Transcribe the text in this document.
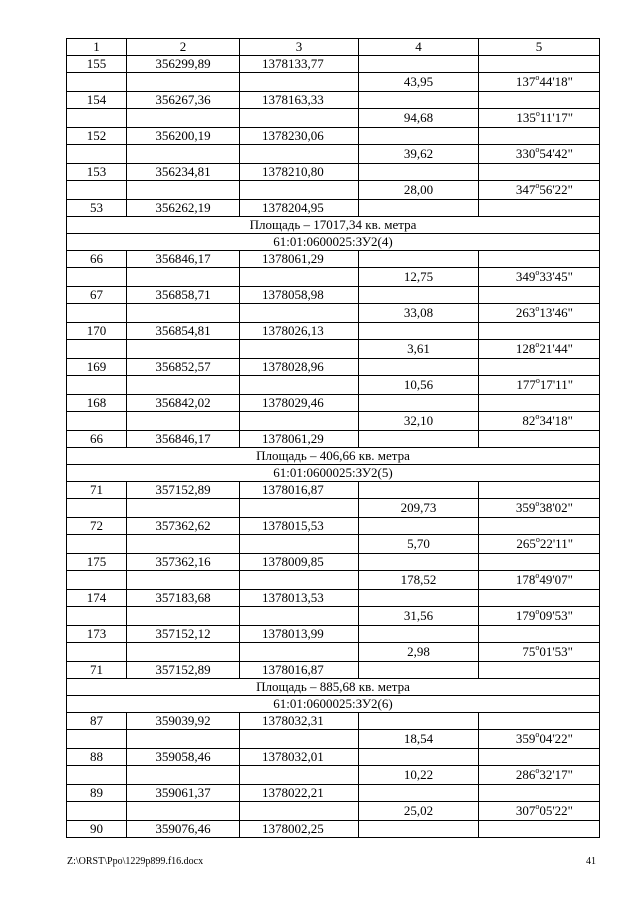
1	2	3	4	5
155	356299,89	1378133,77		
			43,95	137$^o$44'18"
154	356267,36	1378163,33		
			94,68	135$^o$11'17"
152	356200,19	1378230,06		
			39,62	330$^o$54'42"
153	356234,81	1378210,80		
			28,00	347$^o$56'22"
53	356262,19	1378204,95		
Площадь – 17017,34 кв. метра				
61:01:0600025:ЗУ2(4)				
66	356846,17	1378061,29		
			12,75	349$^o$33'45"
67	356858,71	1378058,98		
			33,08	263$^o$13'46"
170	356854,81	1378026,13		
			3,61	128$^o$21'44"
169	356852,57	1378028,96		
			10,56	177$^o$17'11"
168	356842,02	1378029,46		
			32,10	82$^o$34'18"
66	356846,17	1378061,29		
Площадь – 406,66 кв. метра				
61:01:0600025:ЗУ2(5)				
71	357152,89	1378016,87		
			209,73	359$^o$38'02"
72	357362,62	1378015,53		
			5,70	265$^o$22'11"
175	357362,16	1378009,85		
			178,52	178$^o$49'07"
174	357183,68	1378013,53		
			31,56	179$^o$09'53"
173	357152,12	1378013,99		
			2,98	75$^o$01'53"
71	357152,89	1378016,87		
Площадь – 885,68 кв. метра				
61:01:0600025:ЗУ2(6)				
87	359039,92	1378032,31		
			18,54	359$^o$04'22"
88	359058,46	1378032,01		
			10,22	286$^o$32'17"
89	359061,37	1378022,21		
			25,02	307$^o$05'22"
90	359076,46	1378002,25		
Z:\ORST\Ppo\1229p899.f16.docx	41
